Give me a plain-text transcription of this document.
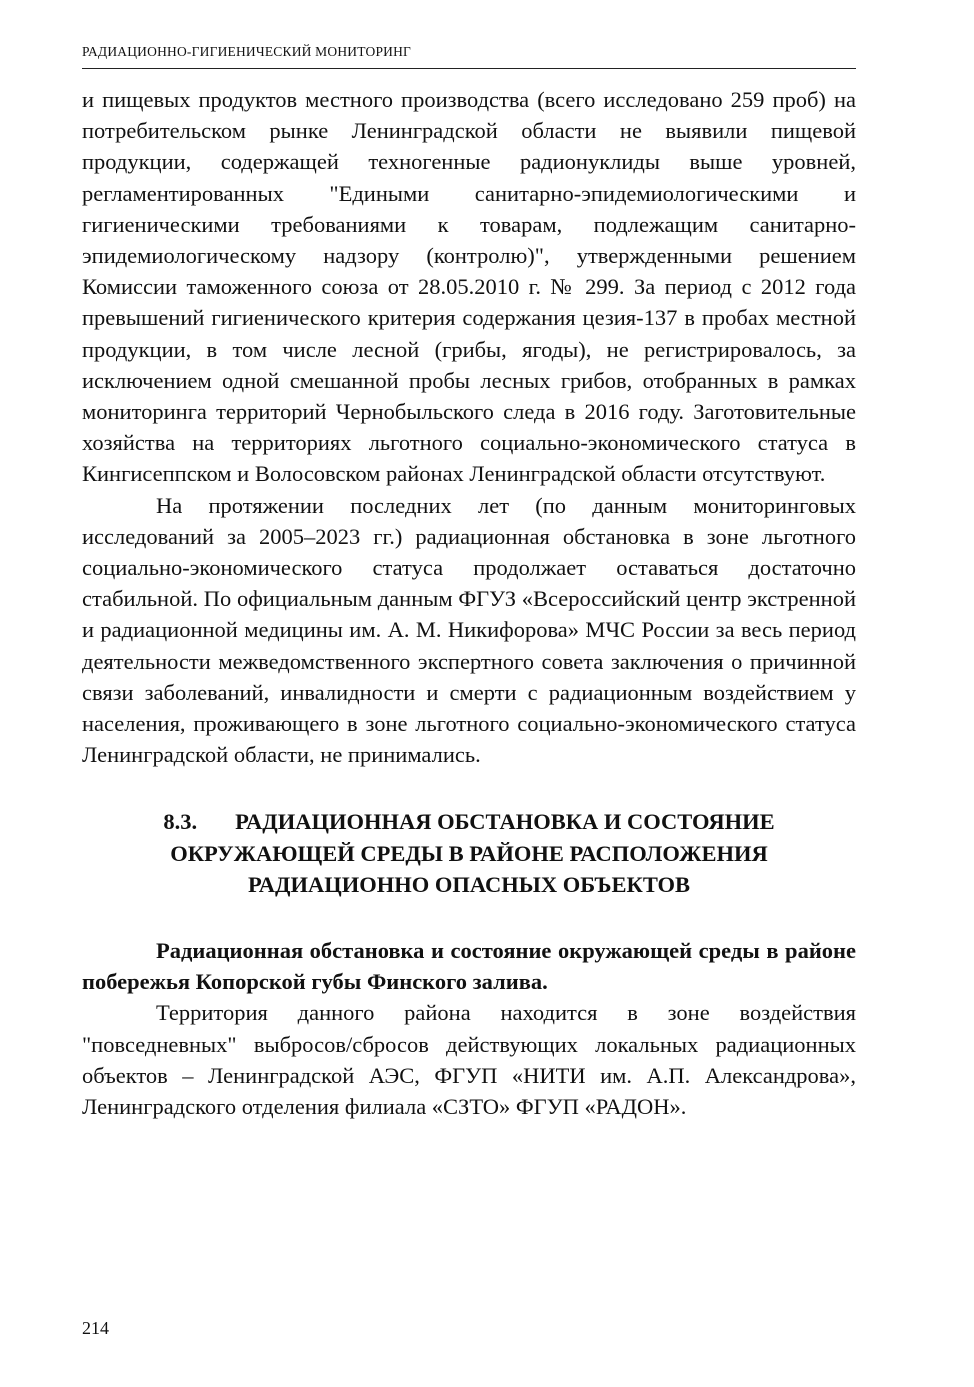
РАДИАЦИОННО-ГИГИЕНИЧЕСКИЙ МОНИТОРИНГ

и пищевых продуктов местного производства (всего исследовано 259 проб) на потребительском рынке Ленинградской области не выявили пищевой продукции, содержащей техногенные радионуклиды выше уровней, регламентированных "Едиными санитарно-эпидемиологическими и гигиеническими требованиями к товарам, подлежащим санитарно-эпидемиологическому надзору (контролю)", утвержденными решением Комиссии таможенного союза от 28.05.2010 г. № 299. За период с 2012 года превышений гигиенического критерия содержания цезия-137 в пробах местной продукции, в том числе лесной (грибы, ягоды), не регистрировалось, за исключением одной смешанной пробы лесных грибов, отобранных в рамках мониторинга территорий Чернобыльского следа в 2016 году. Заготовительные хозяйства на территориях льготного социально-экономического статуса в Кингисеппском и Волосовском районах Ленинградской области отсутствуют.

На протяжении последних лет (по данным мониторинговых исследований за 2005–2023 гг.) радиационная обстановка в зоне льготного социально-экономического статуса продолжает оставаться достаточно стабильной. По официальным данным ФГУЗ «Всероссийский центр экстренной и радиационной медицины им. А. М. Никифорова» МЧС России за весь период деятельности межведомственного экспертного совета заключения о причинной связи заболеваний, инвалидности и смерти с радиационным воздействием у населения, проживающего в зоне льготного социально-экономического статуса Ленинградской области, не принимались.

8.3. РАДИАЦИОННАЯ ОБСТАНОВКА И СОСТОЯНИЕ
ОКРУЖАЮЩЕЙ СРЕДЫ В РАЙОНЕ РАСПОЛОЖЕНИЯ
РАДИАЦИОННО ОПАСНЫХ ОБЪЕКТОВ

Радиационная обстановка и состояние окружающей среды в районе побережья Копорской губы Финского залива.

Территория данного района находится в зоне воздействия "повседневных" выбросов/сбросов действующих локальных радиационных объектов – Ленинградской АЭС, ФГУП «НИТИ им. А.П. Александрова», Ленинградского отделения филиала «СЗТО» ФГУП «РАДОН».

214
